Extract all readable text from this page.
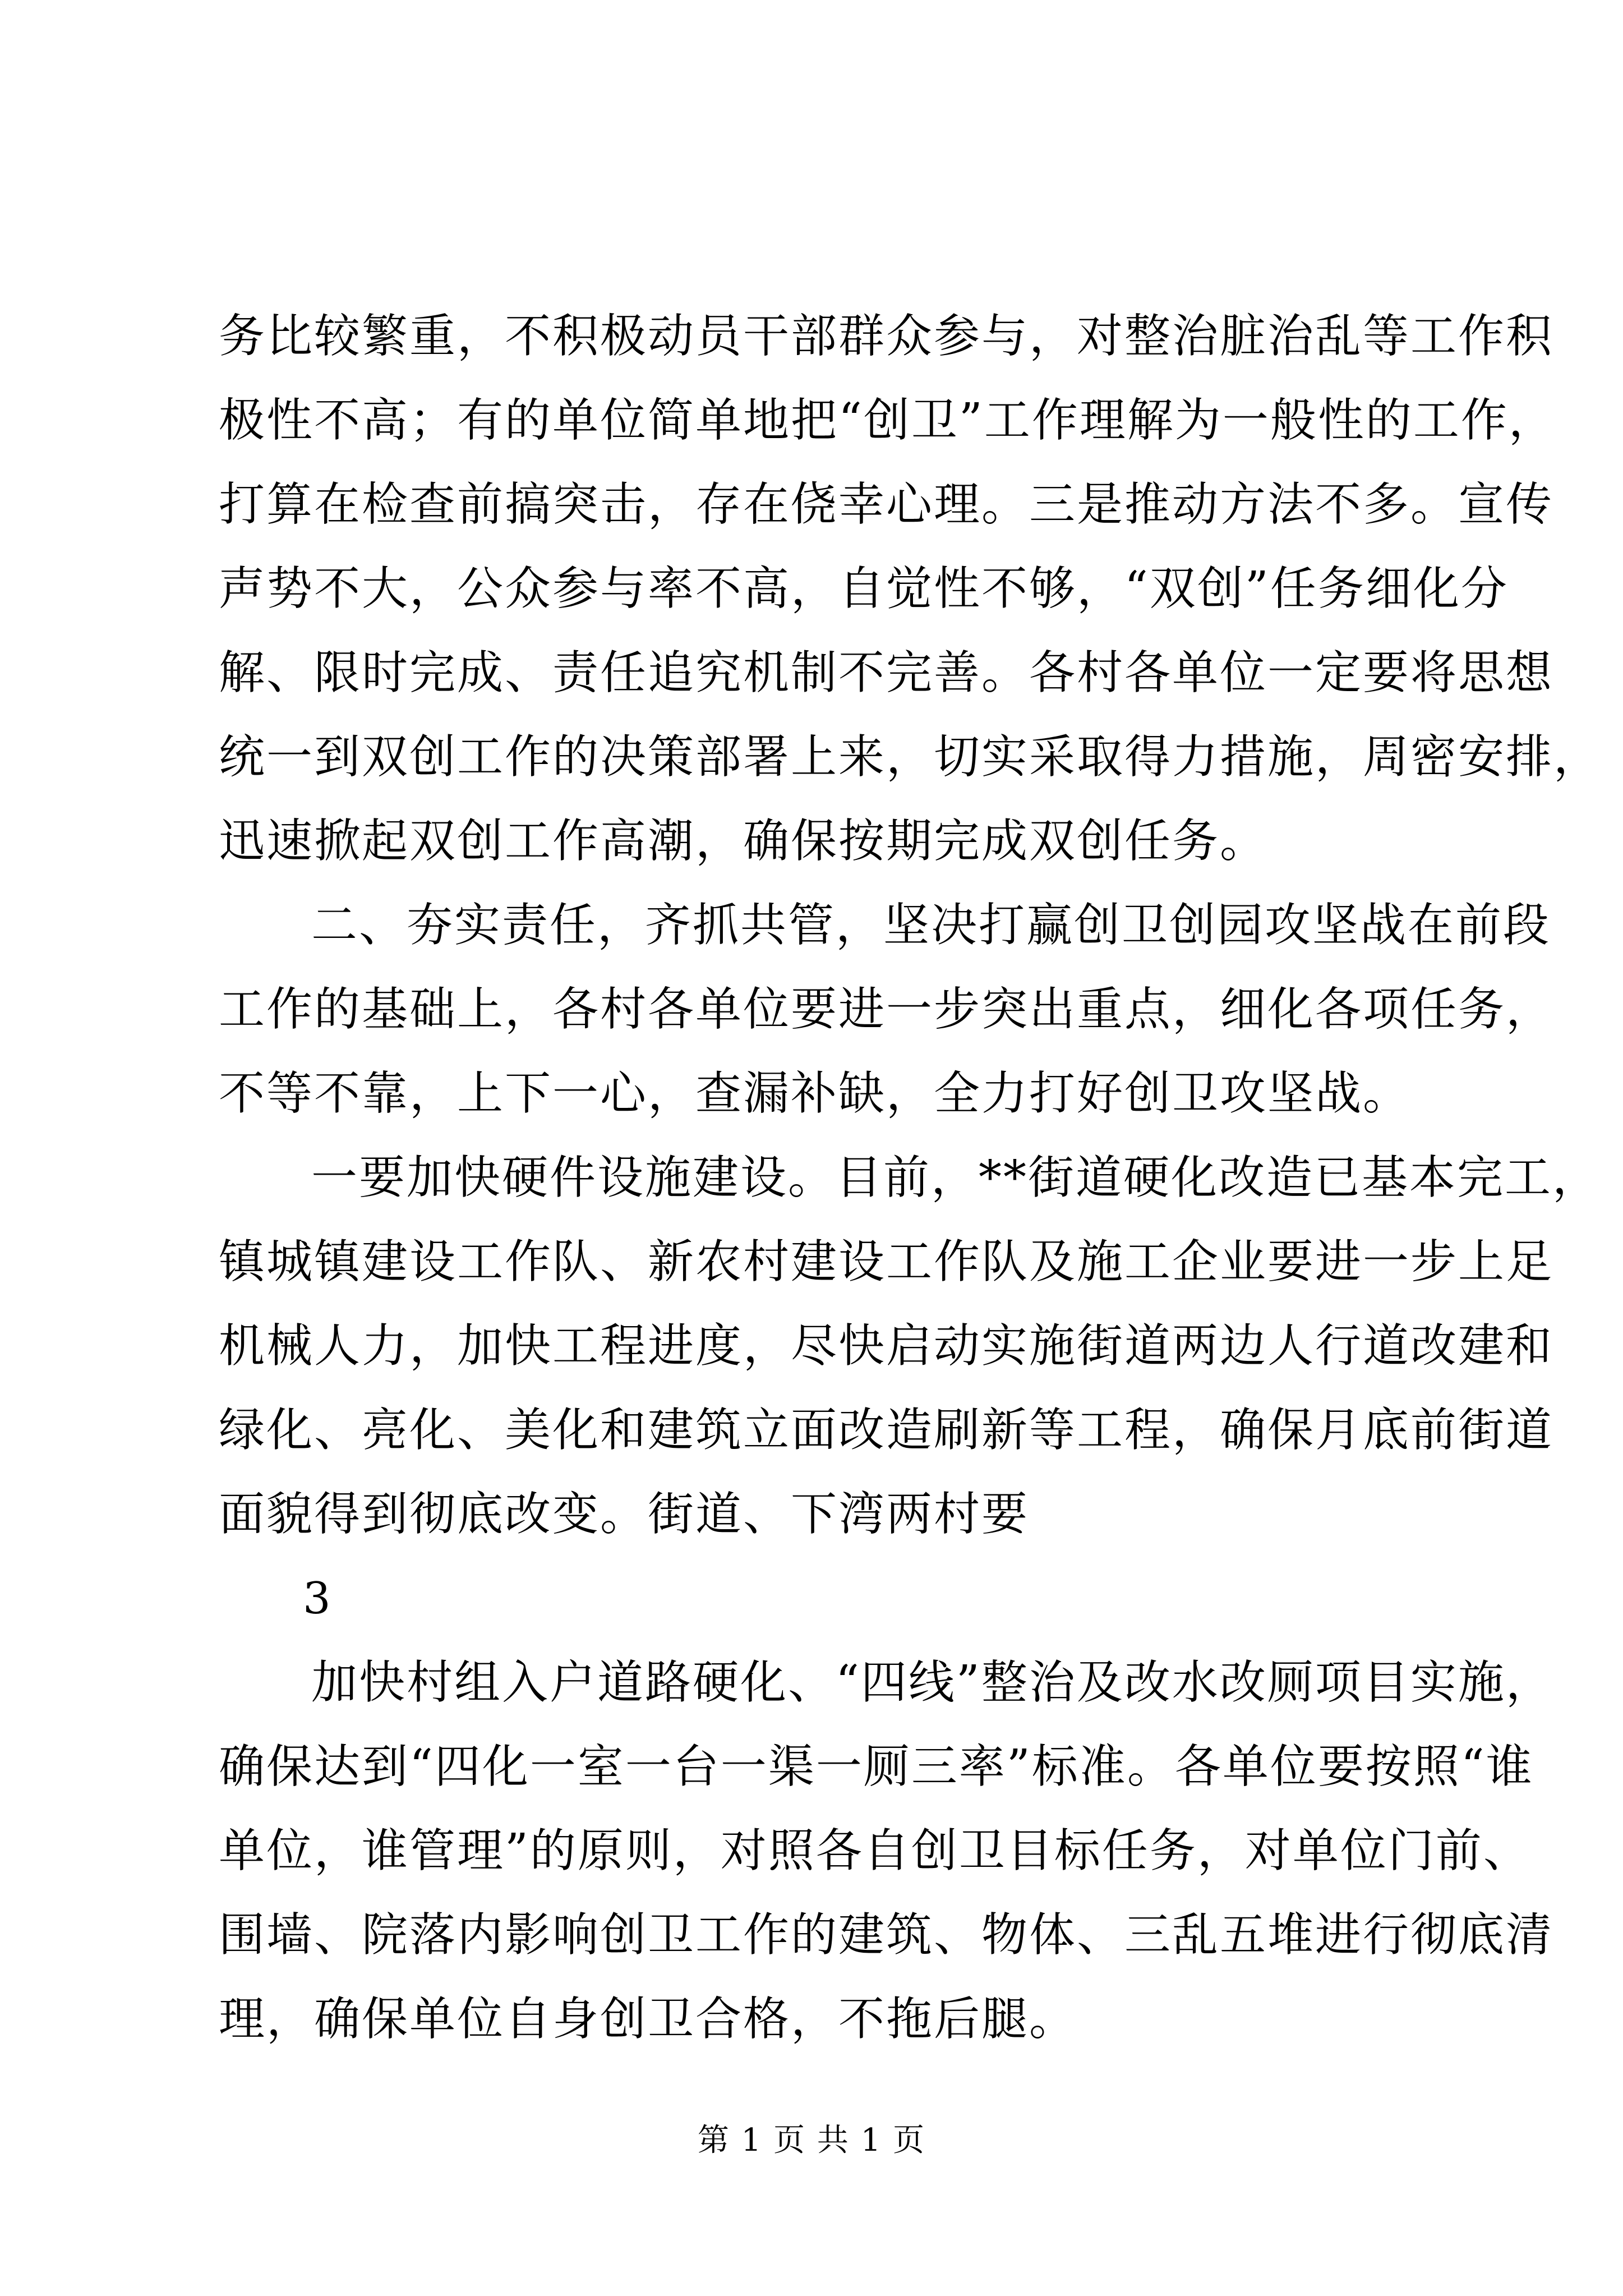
务比较繁重，不积极动员干部群众参与，对整治脏治乱等工作积
极性不高；有的单位简单地把“创卫”工作理解为一般性的工作，
打算在检查前搞突击，存在侥幸心理。三是推动方法不多。宣传
声势不大，公众参与率不高，自觉性不够，“双创”任务细化分
解、限时完成、责任追究机制不完善。各村各单位一定要将思想
统一到双创工作的决策部署上来，切实采取得力措施，周密安排，
迅速掀起双创工作高潮，确保按期完成双创任务。
二、夯实责任，齐抓共管，坚决打赢创卫创园攻坚战在前段
工作的基础上，各村各单位要进一步突出重点，细化各项任务，
不等不靠，上下一心，查漏补缺，全力打好创卫攻坚战。
一要加快硬件设施建设。目前，**街道硬化改造已基本完工，
镇城镇建设工作队、新农村建设工作队及施工企业要进一步上足
机械人力，加快工程进度，尽快启动实施街道两边人行道改建和
绿化、亮化、美化和建筑立面改造刷新等工程，确保月底前街道
面貌得到彻底改变。街道、下湾两村要
3
加快村组入户道路硬化、“四线”整治及改水改厕项目实施，
确保达到“四化一室一台一渠一厕三率”标准。各单位要按照“谁
单位，谁管理”的原则，对照各自创卫目标任务，对单位门前、
围墙、院落内影响创卫工作的建筑、物体、三乱五堆进行彻底清
理，确保单位自身创卫合格，不拖后腿。
第 1 页 共 1 页
